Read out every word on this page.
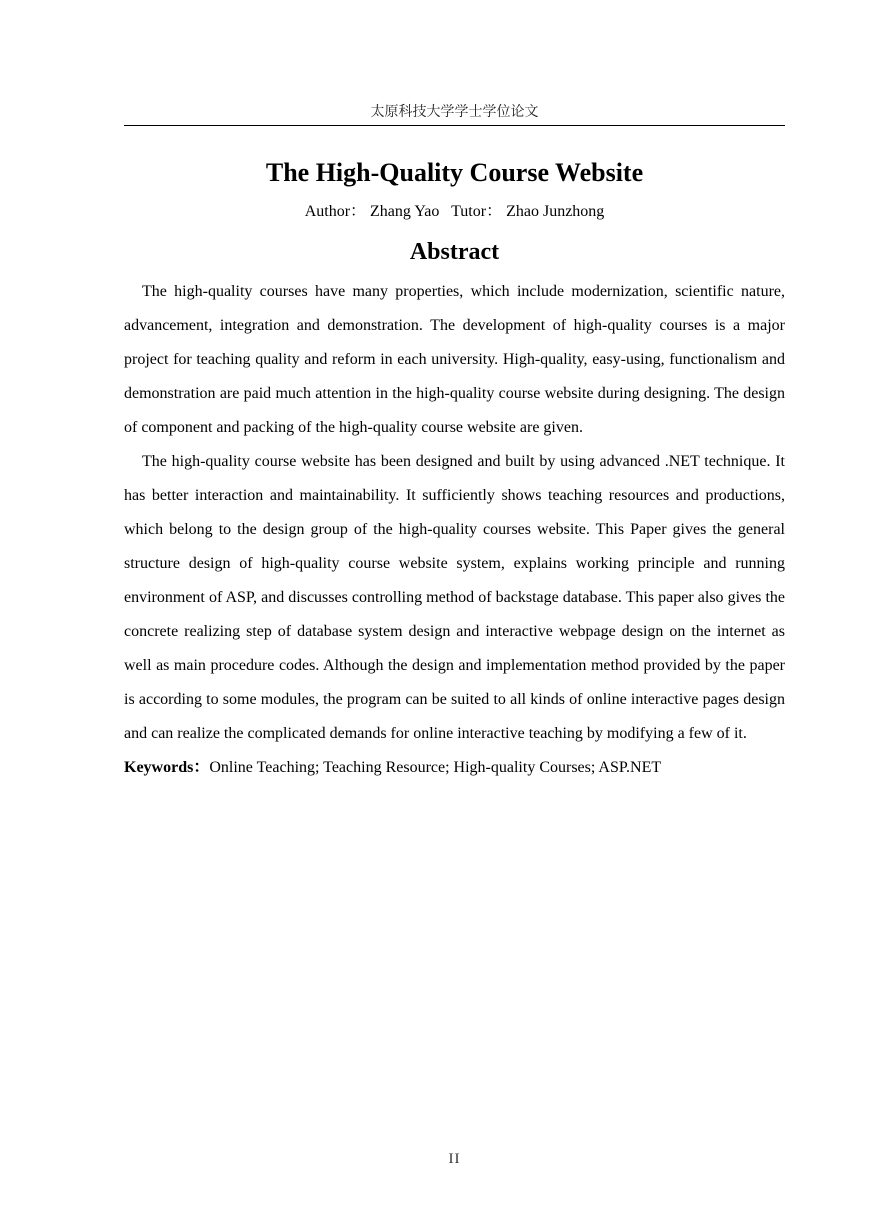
太原科技大学学士学位论文
The High-Quality Course Website
Author： Zhang Yao Tutor： Zhao Junzhong
Abstract

The high-quality courses have many properties, which include modernization, scientific nature, advancement, integration and demonstration. The development of high-quality courses is a major project for teaching quality and reform in each university. High-quality, easy-using, functionalism and demonstration are paid much attention in the high-quality course website during designing. The design of component and packing of the high-quality course website are given.

The high-quality course website has been designed and built by using advanced .NET technique. It has better interaction and maintainability. It sufficiently shows teaching resources and productions, which belong to the design group of the high-quality courses website. This Paper gives the general structure design of high-quality course website system, explains working principle and running environment of ASP, and discusses controlling method of backstage database. This paper also gives the concrete realizing step of database system design and interactive webpage design on the internet as well as main procedure codes. Although the design and implementation method provided by the paper is according to some modules, the program can be suited to all kinds of online interactive pages design and can realize the complicated demands for online interactive teaching by modifying a few of it.

Keywords：Online Teaching; Teaching Resource; High-quality Courses; ASP.NET

II
